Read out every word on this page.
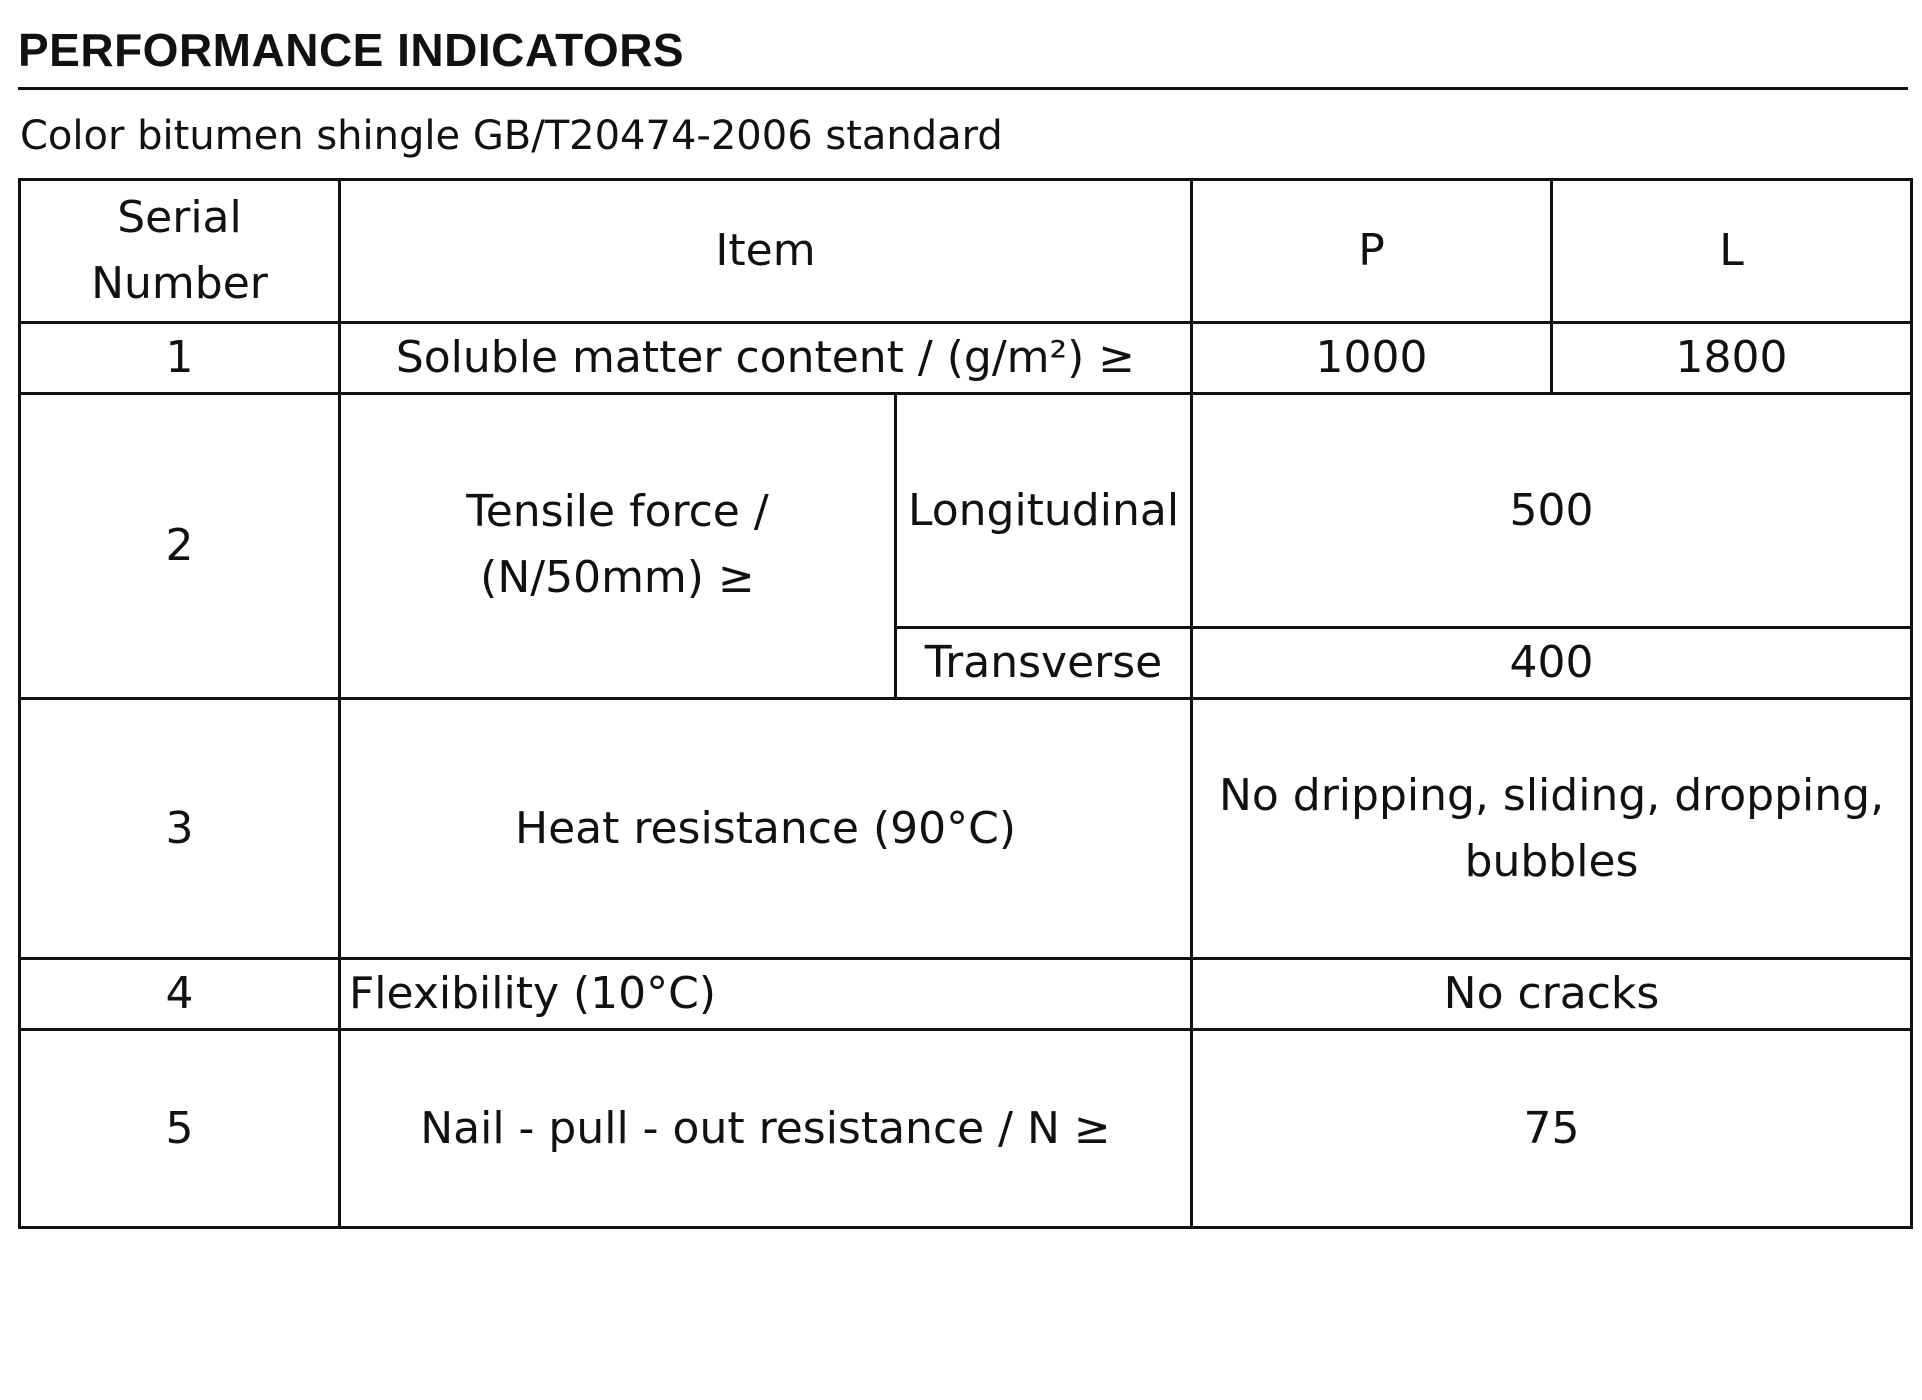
PERFORMANCE INDICATORS

Color bitumen shingle GB/T20474-2006 standard

Serial Number	Item		P	L
1	Soluble matter content / (g/m²) ≥		1000	1800
2	Tensile force / (N/50mm) ≥	Longitudinal	500	
		Transverse	400	
3	Heat resistance (90°C)		No dripping, sliding, dropping, bubbles	
4	Flexibility (10°C)		No cracks	
5	Nail - pull - out resistance / N ≥		75	
